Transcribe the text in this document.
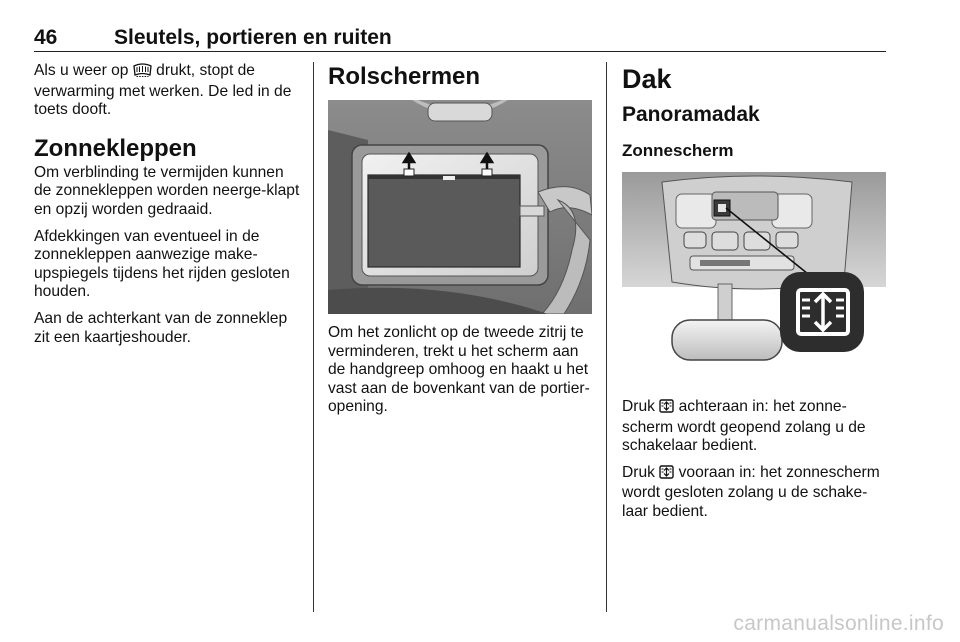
46	Sleutels, portieren en ruiten

Als u weer op  drukt, stopt de verwarming met werken. De led in de toets dooft.

Zonnekleppen

Om verblinding te vermijden kunnen de zonnekleppen worden neerge-klapt en opzij worden gedraaid.

Afdekkingen van eventueel in de zonnekleppen aanwezige make-upspiegels tijdens het rijden gesloten houden.

Aan de achterkant van de zonneklep zit een kaartjeshouder.

Rolschermen

Om het zonlicht op de tweede zitrij te verminderen, trekt u het scherm aan de handgreep omhoog en haakt u het vast aan de bovenkant van de portier-opening.

Dak
Panoramadak
Zonnescherm

Druk  achteraan in: het zonne-scherm wordt geopend zolang u de schakelaar bedient.

Druk  vooraan in: het zonnescherm wordt gesloten zolang u de schake-laar bedient.

carmanualsonline.info
